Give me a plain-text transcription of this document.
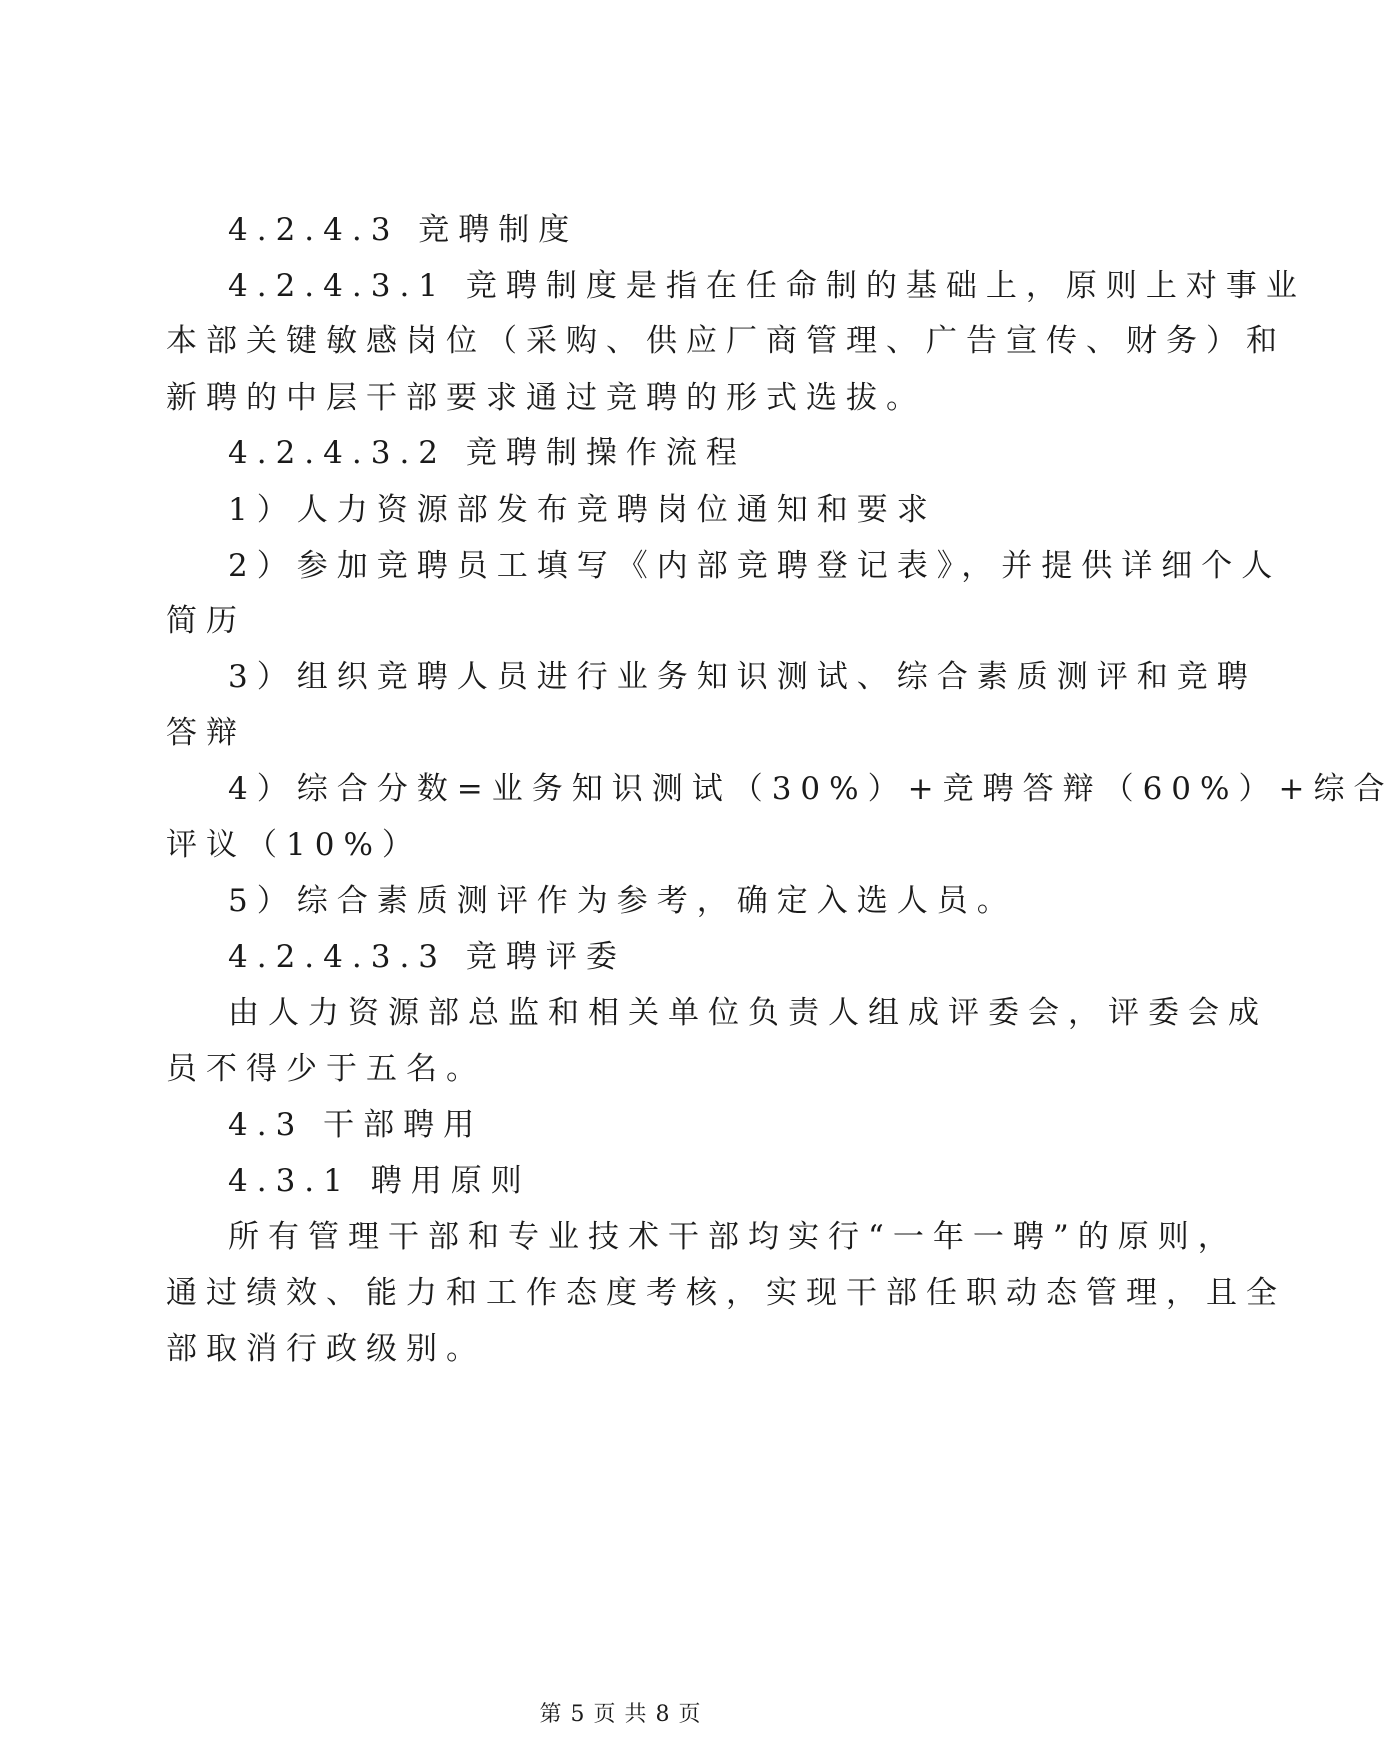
4.2.4.3 竞聘制度
4.2.4.3.1 竞聘制度是指在任命制的基础上，原则上对事业
本部关键敏感岗位（采购、供应厂商管理、广告宣传、财务）和
新聘的中层干部要求通过竞聘的形式选拔。
4.2.4.3.2 竞聘制操作流程
1）人力资源部发布竞聘岗位通知和要求
2）参加竞聘员工填写《内部竞聘登记表》，并提供详细个人
简历
3）组织竞聘人员进行业务知识测试、综合素质测评和竞聘
答辩
4）综合分数=业务知识测试（30%）+竞聘答辩（60%）+综合
评议（10%）
5）综合素质测评作为参考，确定入选人员。
4.2.4.3.3 竞聘评委
由人力资源部总监和相关单位负责人组成评委会，评委会成
员不得少于五名。
4.3 干部聘用
4.3.1 聘用原则
所有管理干部和专业技术干部均实行“一年一聘”的原则，
通过绩效、能力和工作态度考核，实现干部任职动态管理，且全
部取消行政级别。
第 5 页 共 8 页
